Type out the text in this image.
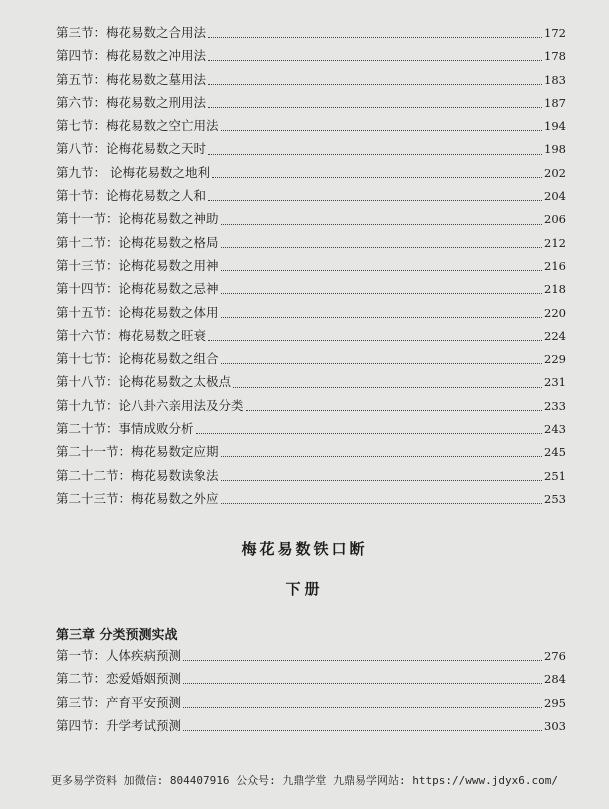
第三节：梅花易数之合用法	172
第四节：梅花易数之冲用法	178
第五节：梅花易数之墓用法	183
第六节：梅花易数之刑用法	187
第七节：梅花易数之空亡用法	194
第八节：论梅花易数之天时	198
第九节： 论梅花易数之地利	202
第十节：论梅花易数之人和	204
第十一节：论梅花易数之神助	206
第十二节：论梅花易数之格局	212
第十三节：论梅花易数之用神	216
第十四节：论梅花易数之忌神	218
第十五节：论梅花易数之体用	220
第十六节：梅花易数之旺衰	224
第十七节：论梅花易数之组合	229
第十八节：论梅花易数之太极点	231
第十九节：论八卦六亲用法及分类	233
第二十节：事情成败分析	243
第二十一节：梅花易数定应期	245
第二十二节：梅花易数读象法	251
第二十三节：梅花易数之外应	253
梅花易数铁口断
下册
第三章 分类预测实战
第一节：人体疾病预测	276
第二节：恋爱婚姻预测	284
第三节：产育平安预测	295
第四节：升学考试预测	303
更多易学资料 加微信: 804407916 公众号: 九鼎学堂 九鼎易学网站: https://www.jdyx6.com/
